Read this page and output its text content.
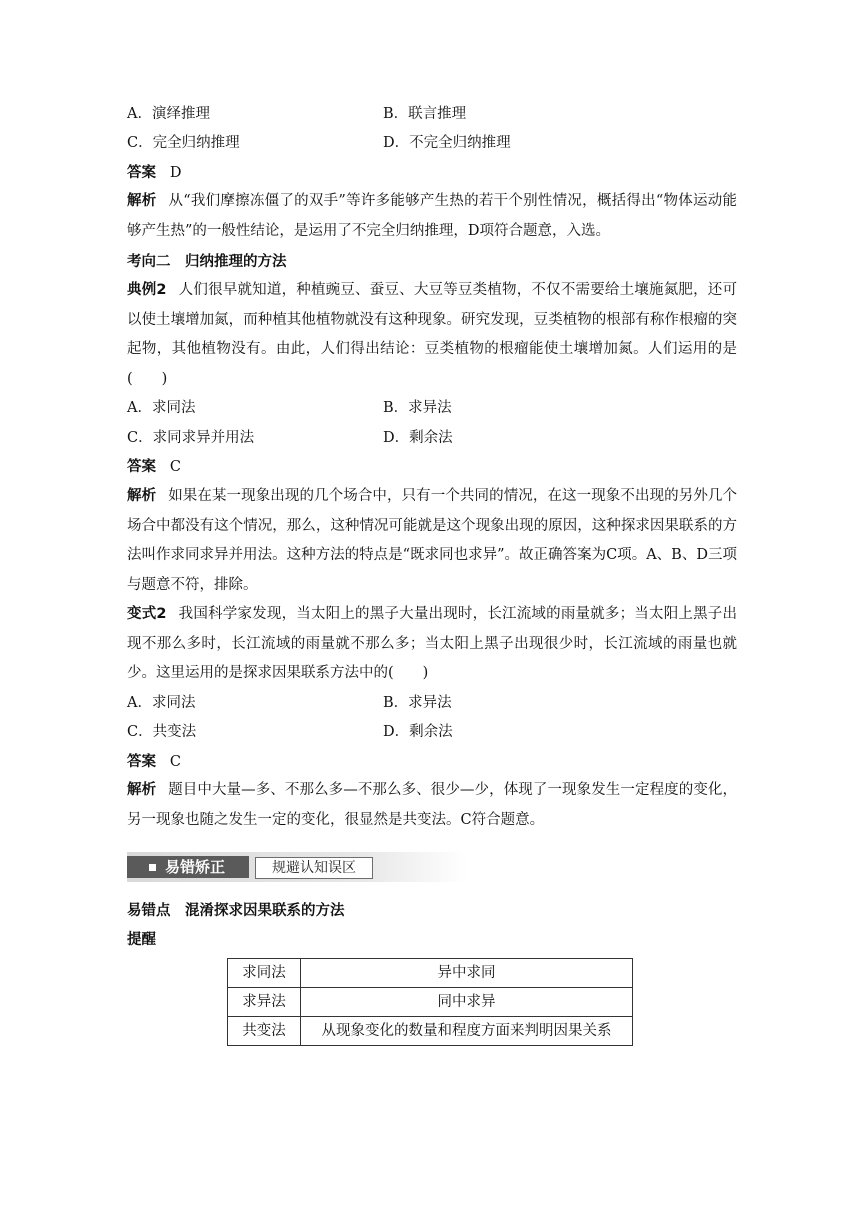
A．演绎推理	B．联言推理
C．完全归纳推理	D．不完全归纳推理
答案 D
解析 从“我们摩擦冻僵了的双手”等许多能够产生热的若干个别性情况，概括得出“物体运动能够产生热”的一般性结论，是运用了不完全归纳推理，D项符合题意，入选。
考向二　归纳推理的方法
典例2 人们很早就知道，种植豌豆、蚕豆、大豆等豆类植物，不仅不需要给土壤施氮肥，还可以使土壤增加氮，而种植其他植物就没有这种现象。研究发现，豆类植物的根部有称作根瘤的突起物，其他植物没有。由此，人们得出结论：豆类植物的根瘤能使土壤增加氮。人们运用的是(　　)
A．求同法	B．求异法
C．求同求异并用法	D．剩余法
答案 C
解析 如果在某一现象出现的几个场合中，只有一个共同的情况，在这一现象不出现的另外几个场合中都没有这个情况，那么，这种情况可能就是这个现象出现的原因，这种探求因果联系的方法叫作求同求异并用法。这种方法的特点是“既求同也求异”。故正确答案为C项。A、B、D三项与题意不符，排除。
变式2 我国科学家发现，当太阳上的黑子大量出现时，长江流域的雨量就多；当太阳上黑子出现不那么多时，长江流域的雨量就不那么多；当太阳上黑子出现很少时，长江流域的雨量也就少。这里运用的是探求因果联系方法中的(　　)
A．求同法	B．求异法
C．共变法	D．剩余法
答案 C
解析 题目中大量—多、不那么多—不那么多、很少—少，体现了一现象发生一定程度的变化，另一现象也随之发生一定的变化，很显然是共变法。C符合题意。
易错矫正	规避认知误区
易错点　混淆探求因果联系的方法
提醒
求同法	异中求同
求异法	同中求异
共变法	从现象变化的数量和程度方面来判明因果关系
